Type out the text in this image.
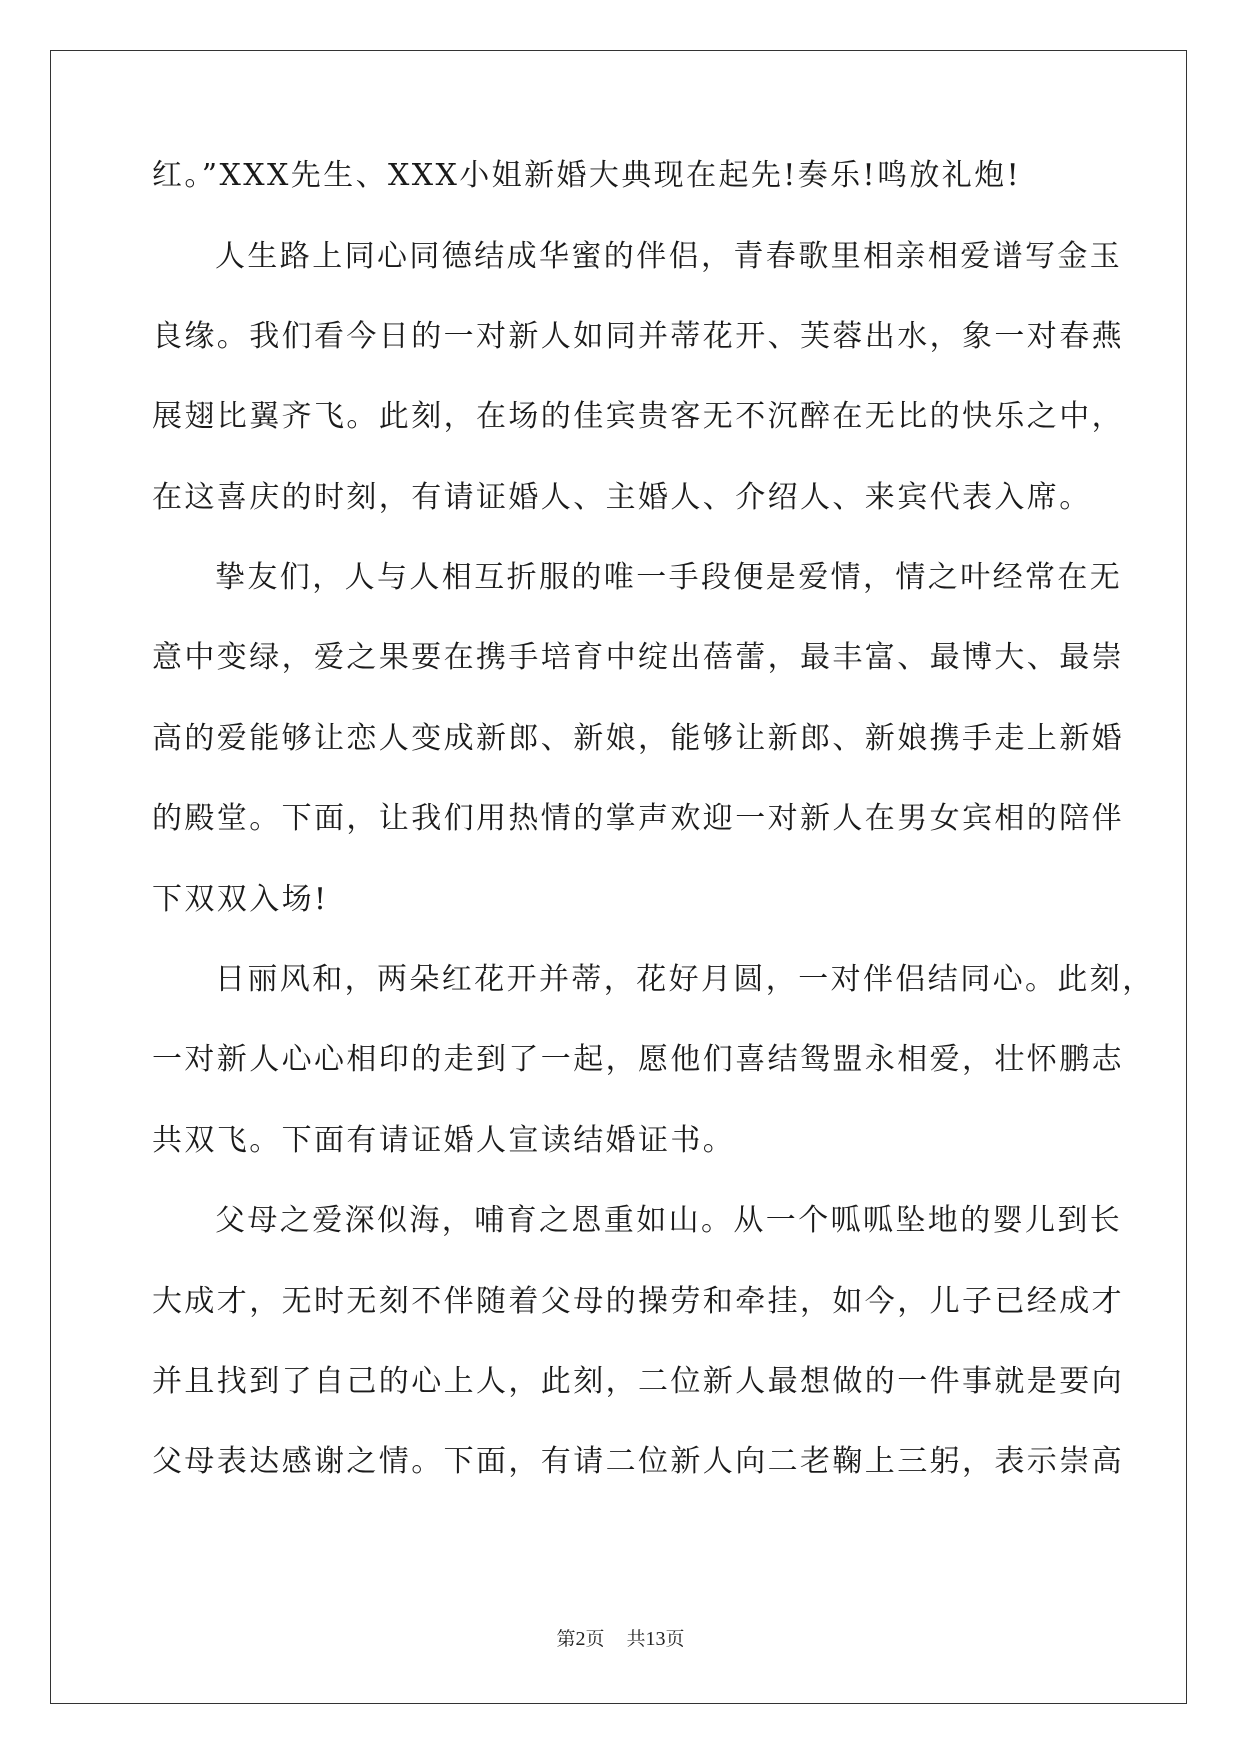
红。”XXX先生、XXX小姐新婚大典现在起先!奏乐!鸣放礼炮!
人生路上同心同德结成华蜜的伴侣，青春歌里相亲相爱谱写金玉
良缘。我们看今日的一对新人如同并蒂花开、芙蓉出水，象一对春燕
展翅比翼齐飞。此刻，在场的佳宾贵客无不沉醉在无比的快乐之中，
在这喜庆的时刻，有请证婚人、主婚人、介绍人、来宾代表入席。
挚友们，人与人相互折服的唯一手段便是爱情，情之叶经常在无
意中变绿，爱之果要在携手培育中绽出蓓蕾，最丰富、最博大、最崇
高的爱能够让恋人变成新郎、新娘，能够让新郎、新娘携手走上新婚
的殿堂。下面，让我们用热情的掌声欢迎一对新人在男女宾相的陪伴
下双双入场!
日丽风和，两朵红花开并蒂，花好月圆，一对伴侣结同心。此刻，
一对新人心心相印的走到了一起，愿他们喜结鸳盟永相爱，壮怀鹏志
共双飞。下面有请证婚人宣读结婚证书。
父母之爱深似海，哺育之恩重如山。从一个呱呱坠地的婴儿到长
大成才，无时无刻不伴随着父母的操劳和牵挂，如今，儿子已经成才
并且找到了自己的心上人，此刻，二位新人最想做的一件事就是要向
父母表达感谢之情。下面，有请二位新人向二老鞠上三躬，表示崇高
第2页 共13页
